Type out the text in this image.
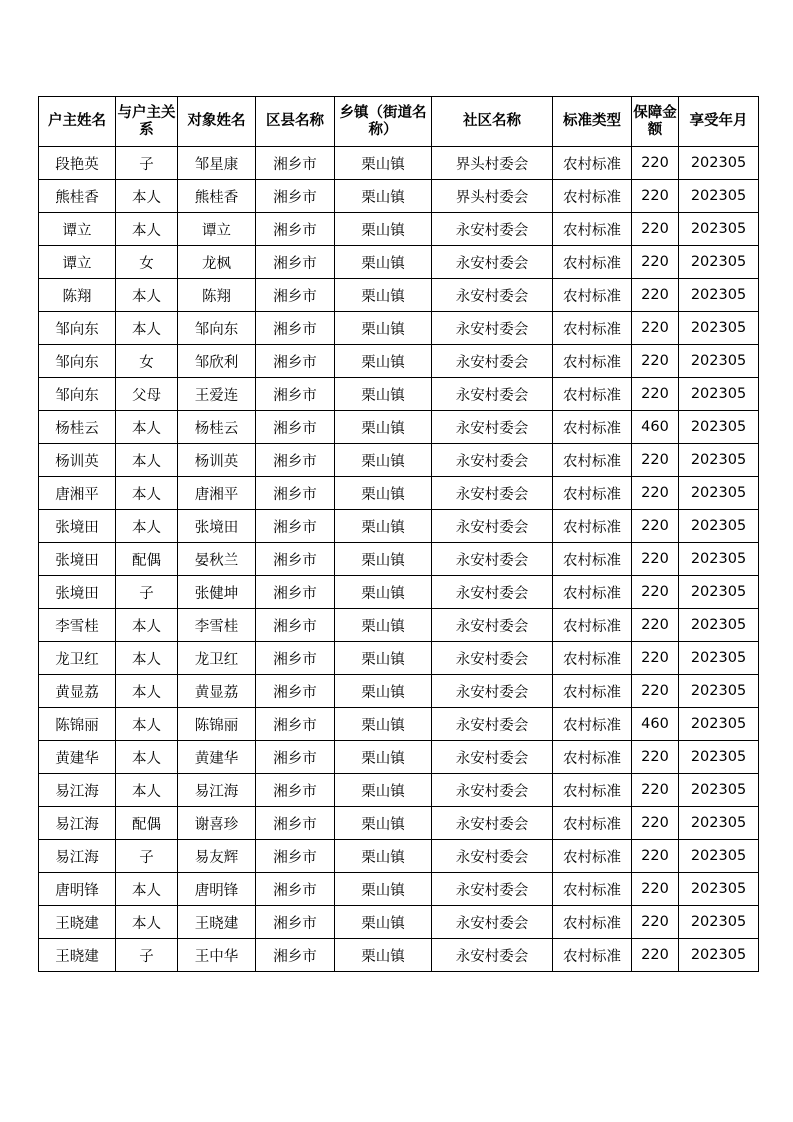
户主姓名	与户主关系	对象姓名	区县名称	乡镇（街道名称）	社区名称	标准类型	保障金额	享受年月
段艳英	子	邹星康	湘乡市	栗山镇	界头村委会	农村标准	220	202305
熊桂香	本人	熊桂香	湘乡市	栗山镇	界头村委会	农村标准	220	202305
谭立	本人	谭立	湘乡市	栗山镇	永安村委会	农村标准	220	202305
谭立	女	龙枫	湘乡市	栗山镇	永安村委会	农村标准	220	202305
陈翔	本人	陈翔	湘乡市	栗山镇	永安村委会	农村标准	220	202305
邹向东	本人	邹向东	湘乡市	栗山镇	永安村委会	农村标准	220	202305
邹向东	女	邹欣利	湘乡市	栗山镇	永安村委会	农村标准	220	202305
邹向东	父母	王爱连	湘乡市	栗山镇	永安村委会	农村标准	220	202305
杨桂云	本人	杨桂云	湘乡市	栗山镇	永安村委会	农村标准	460	202305
杨训英	本人	杨训英	湘乡市	栗山镇	永安村委会	农村标准	220	202305
唐湘平	本人	唐湘平	湘乡市	栗山镇	永安村委会	农村标准	220	202305
张境田	本人	张境田	湘乡市	栗山镇	永安村委会	农村标准	220	202305
张境田	配偶	晏秋兰	湘乡市	栗山镇	永安村委会	农村标准	220	202305
张境田	子	张健坤	湘乡市	栗山镇	永安村委会	农村标准	220	202305
李雪桂	本人	李雪桂	湘乡市	栗山镇	永安村委会	农村标准	220	202305
龙卫红	本人	龙卫红	湘乡市	栗山镇	永安村委会	农村标准	220	202305
黄显荔	本人	黄显荔	湘乡市	栗山镇	永安村委会	农村标准	220	202305
陈锦丽	本人	陈锦丽	湘乡市	栗山镇	永安村委会	农村标准	460	202305
黄建华	本人	黄建华	湘乡市	栗山镇	永安村委会	农村标准	220	202305
易江海	本人	易江海	湘乡市	栗山镇	永安村委会	农村标准	220	202305
易江海	配偶	谢喜珍	湘乡市	栗山镇	永安村委会	农村标准	220	202305
易江海	子	易友辉	湘乡市	栗山镇	永安村委会	农村标准	220	202305
唐明锋	本人	唐明锋	湘乡市	栗山镇	永安村委会	农村标准	220	202305
王晓建	本人	王晓建	湘乡市	栗山镇	永安村委会	农村标准	220	202305
王晓建	子	王中华	湘乡市	栗山镇	永安村委会	农村标准	220	202305
